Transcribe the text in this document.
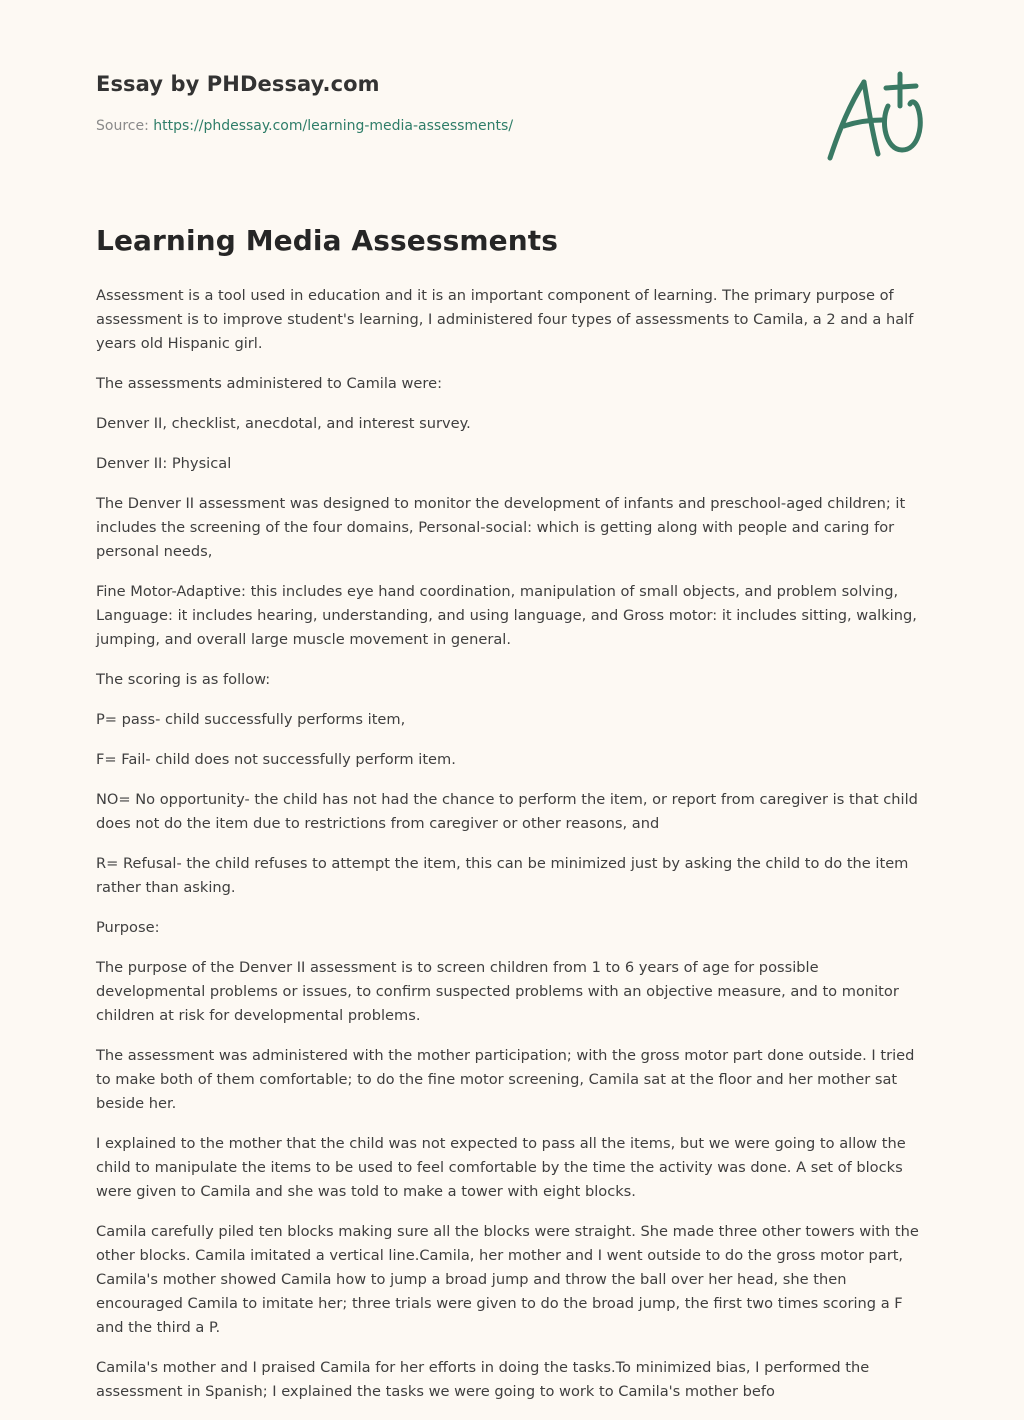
Essay by PHDessay.com
Source: https://phdessay.com/learning-media-assessments/
Learning Media Assessments

Assessment is a tool used in education and it is an important component of learning. The primary purpose of assessment is to improve student's learning, I administered four types of assessments to Camila, a 2 and a half years old Hispanic girl.

The assessments administered to Camila were:

Denver II, checklist, anecdotal, and interest survey.

Denver II: Physical

The Denver II assessment was designed to monitor the development of infants and preschool-aged children; it includes the screening of the four domains, Personal-social: which is getting along with people and caring for personal needs,

Fine Motor-Adaptive: this includes eye hand coordination, manipulation of small objects, and problem solving, Language: it includes hearing, understanding, and using language, and Gross motor: it includes sitting, walking, jumping, and overall large muscle movement in general.

The scoring is as follow:

P= pass- child successfully performs item,

F= Fail- child does not successfully perform item.

NO= No opportunity- the child has not had the chance to perform the item, or report from caregiver is that child does not do the item due to restrictions from caregiver or other reasons, and

R= Refusal- the child refuses to attempt the item, this can be minimized just by asking the child to do the item rather than asking.

Purpose:

The purpose of the Denver II assessment is to screen children from 1 to 6 years of age for possible developmental problems or issues, to confirm suspected problems with an objective measure, and to monitor children at risk for developmental problems.

The assessment was administered with the mother participation; with the gross motor part done outside. I tried to make both of them comfortable; to do the fine motor screening, Camila sat at the floor and her mother sat beside her.

I explained to the mother that the child was not expected to pass all the items, but we were going to allow the child to manipulate the items to be used to feel comfortable by the time the activity was done. A set of blocks were given to Camila and she was told to make a tower with eight blocks.

Camila carefully piled ten blocks making sure all the blocks were straight. She made three other towers with the other blocks. Camila imitated a vertical line.Camila, her mother and I went outside to do the gross motor part, Camila's mother showed Camila how to jump a broad jump and throw the ball over her head, she then encouraged Camila to imitate her; three trials were given to do the broad jump, the first two times scoring a F and the third a P.

Camila's mother and I praised Camila for her efforts in doing the tasks.To minimized bias, I performed the assessment in Spanish; I explained the tasks we were going to work to Camila's mother befo
